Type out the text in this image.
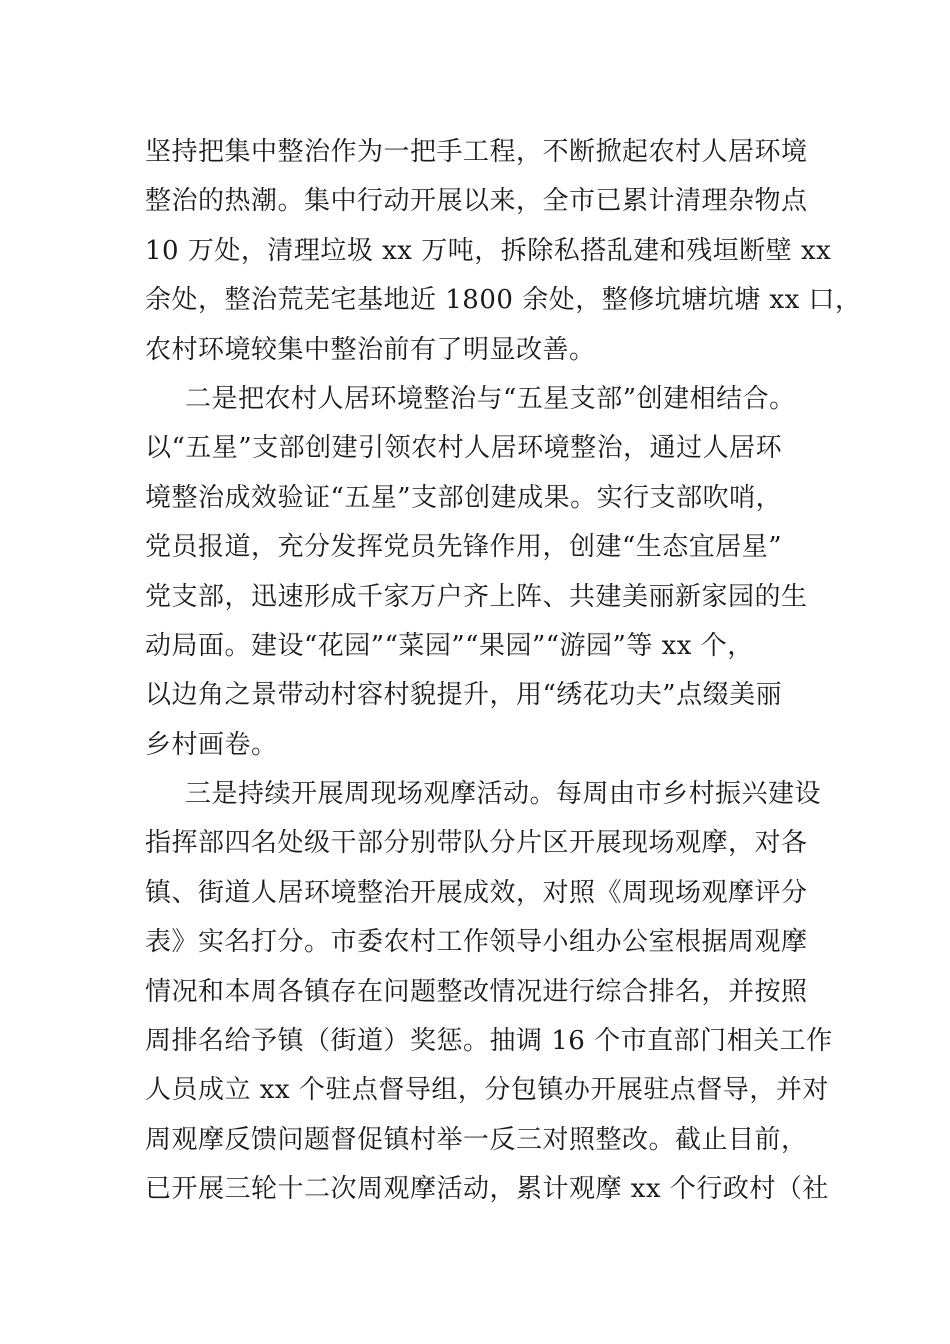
坚持把集中整治作为一把手工程，不断掀起农村人居环境
整治的热潮。集中行动开展以来，全市已累计清理杂物点
10 万处，清理垃圾 xx 万吨，拆除私搭乱建和残垣断壁 xx
余处，整治荒芜宅基地近 1800 余处，整修坑塘坑塘 xx 口，
农村环境较集中整治前有了明显改善。
二是把农村人居环境整治与“五星支部”创建相结合。
以“五星”支部创建引领农村人居环境整治，通过人居环
境整治成效验证“五星”支部创建成果。实行支部吹哨，
党员报道，充分发挥党员先锋作用，创建“生态宜居星”
党支部，迅速形成千家万户齐上阵、共建美丽新家园的生
动局面。建设“花园”“菜园”“果园”“游园”等 xx 个，
以边角之景带动村容村貌提升，用“绣花功夫”点缀美丽
乡村画卷。
三是持续开展周现场观摩活动。每周由市乡村振兴建设
指挥部四名处级干部分别带队分片区开展现场观摩，对各
镇、街道人居环境整治开展成效，对照《周现场观摩评分
表》实名打分。市委农村工作领导小组办公室根据周观摩
情况和本周各镇存在问题整改情况进行综合排名，并按照
周排名给予镇（街道）奖惩。抽调 16 个市直部门相关工作
人员成立 xx 个驻点督导组，分包镇办开展驻点督导，并对
周观摩反馈问题督促镇村举一反三对照整改。截止目前，
已开展三轮十二次周观摩活动，累计观摩 xx 个行政村（社
